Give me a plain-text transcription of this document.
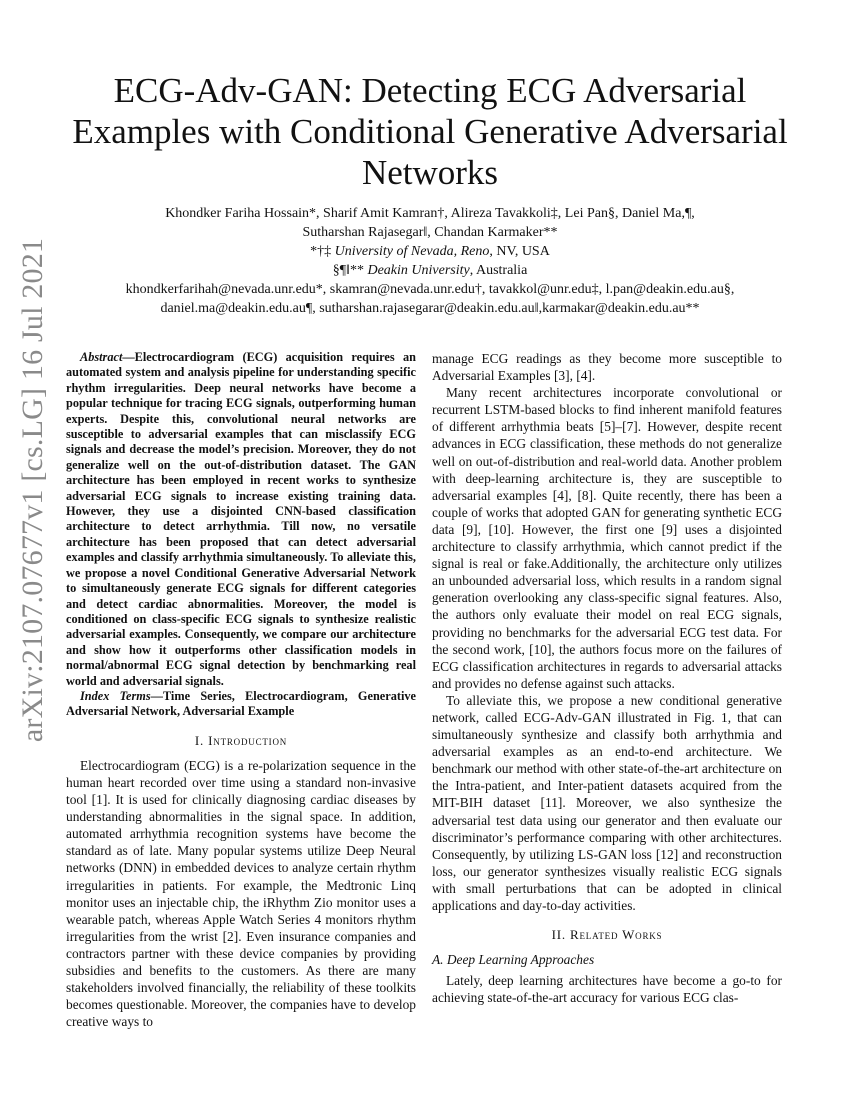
arXiv:2107.07677v1 [cs.LG] 16 Jul 2021
ECG-Adv-GAN: Detecting ECG Adversarial Examples with Conditional Generative Adversarial Networks
Khondker Fariha Hossain*, Sharif Amit Kamran†, Alireza Tavakkoli‡, Lei Pan§, Daniel Ma,¶,
Sutharshan Rajasegar‖, Chandan Karmaker**
*†‡ University of Nevada, Reno, NV, USA
§¶‖** Deakin University, Australia
khondkerfarihah@nevada.unr.edu*, skamran@nevada.unr.edu†, tavakkol@unr.edu‡, l.pan@deakin.edu.au§,
daniel.ma@deakin.edu.au¶, sutharshan.rajasegarar@deakin.edu.au‖,karmakar@deakin.edu.au**

Abstract—Electrocardiogram (ECG) acquisition requires an automated system and analysis pipeline for understanding specific rhythm irregularities. Deep neural networks have become a popular technique for tracing ECG signals, outperforming human experts. Despite this, convolutional neural networks are susceptible to adversarial examples that can misclassify ECG signals and decrease the model’s precision. Moreover, they do not generalize well on the out-of-distribution dataset. The GAN architecture has been employed in recent works to synthesize adversarial ECG signals to increase existing training data. However, they use a disjointed CNN-based classification architecture to detect arrhythmia. Till now, no versatile architecture has been proposed that can detect adversarial examples and classify arrhythmia simultaneously. To alleviate this, we propose a novel Conditional Generative Adversarial Network to simultaneously generate ECG signals for different categories and detect cardiac abnormalities. Moreover, the model is conditioned on class-specific ECG signals to synthesize realistic adversarial examples. Consequently, we compare our architecture and show how it outperforms other classification models in normal/abnormal ECG signal detection by benchmarking real world and adversarial signals.

Index Terms—Time Series, Electrocardiogram, Generative Adversarial Network, Adversarial Example

I. Introduction

Electrocardiogram (ECG) is a re-polarization sequence in the human heart recorded over time using a standard non-invasive tool [1]. It is used for clinically diagnosing cardiac diseases by understanding abnormalities in the signal space. In addition, automated arrhythmia recognition systems have become the standard as of late. Many popular systems utilize Deep Neural networks (DNN) in embedded devices to analyze certain rhythm irregularities in patients. For example, the Medtronic Linq monitor uses an injectable chip, the iRhythm Zio monitor uses a wearable patch, whereas Apple Watch Series 4 monitors rhythm irregularities from the wrist [2]. Even insurance companies and contractors partner with these device companies by providing subsidies and benefits to the customers. As there are many stakeholders involved financially, the reliability of these toolkits becomes questionable. Moreover, the companies have to develop creative ways to

manage ECG readings as they become more susceptible to Adversarial Examples [3], [4].

Many recent architectures incorporate convolutional or recurrent LSTM-based blocks to find inherent manifold features of different arrhythmia beats [5]–[7]. However, despite recent advances in ECG classification, these methods do not generalize well on out-of-distribution and real-world data. Another problem with deep-learning architecture is, they are susceptible to adversarial examples [4], [8]. Quite recently, there has been a couple of works that adopted GAN for generating synthetic ECG data [9], [10]. However, the first one [9] uses a disjointed architecture to classify arrhythmia, which cannot predict if the signal is real or fake.Additionally, the architecture only utilizes an unbounded adversarial loss, which results in a random signal generation overlooking any class-specific signal features. Also, the authors only evaluate their model on real ECG signals, providing no benchmarks for the adversarial ECG test data. For the second work, [10], the authors focus more on the failures of ECG classification architectures in regards to adversarial attacks and provides no defense against such attacks.

To alleviate this, we propose a new conditional generative network, called ECG-Adv-GAN illustrated in Fig. 1, that can simultaneously synthesize and classify both arrhythmia and adversarial examples as an end-to-end architecture. We benchmark our method with other state-of-the-art architecture on the Intra-patient, and Inter-patient datasets acquired from the MIT-BIH dataset [11]. Moreover, we also synthesize the adversarial test data using our generator and then evaluate our discriminator’s performance comparing with other architectures. Consequently, by utilizing LS-GAN loss [12] and reconstruction loss, our generator synthesizes visually realistic ECG signals with small perturbations that can be adopted in clinical applications and day-to-day activities.

II. Related Works
A. Deep Learning Approaches

Lately, deep learning architectures have become a go-to for achieving state-of-the-art accuracy for various ECG clas-
